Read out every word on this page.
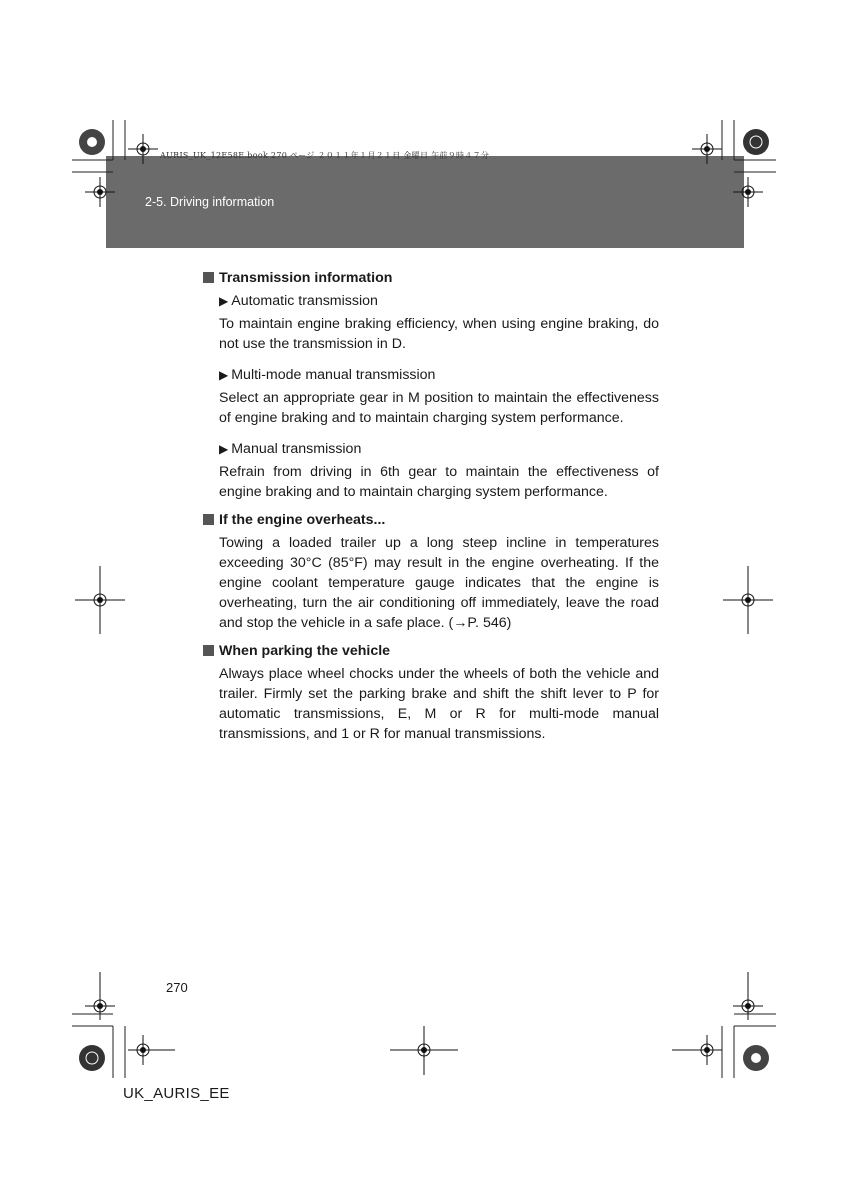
AURIS_UK_12E58E.book 270 ページ ２０１１年１月２１日 金曜日 午前９時４７分
2-5. Driving information

Transmission information

▶ Automatic transmission

To maintain engine braking efficiency, when using engine braking, do not use the transmission in D.

▶ Multi-mode manual transmission

Select an appropriate gear in M position to maintain the effectiveness of engine braking and to maintain charging system performance.

▶ Manual transmission

Refrain from driving in 6th gear to maintain the effectiveness of engine braking and to maintain charging system performance.

If the engine overheats...

Towing a loaded trailer up a long steep incline in temperatures exceeding 30°C (85°F) may result in the engine overheating. If the engine coolant temperature gauge indicates that the engine is overheating, turn the air conditioning off immediately, leave the road and stop the vehicle in a safe place. (→P. 546)

When parking the vehicle

Always place wheel chocks under the wheels of both the vehicle and trailer. Firmly set the parking brake and shift the shift lever to P for automatic transmissions, E, M or R for multi-mode manual transmissions, and 1 or R for manual transmissions.

270
UK_AURIS_EE
